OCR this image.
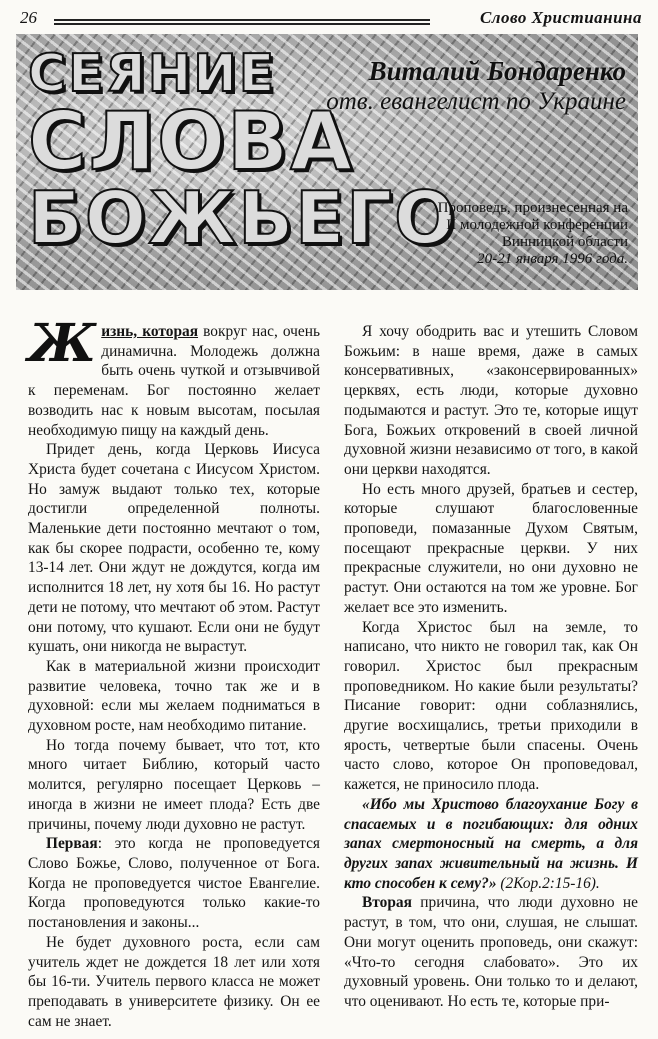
26	Слово Христианина
СЕЯНИЕ
СЛОВА
БОЖЬЕГО

Виталий Бондаренко

отв. евангелист по Украине

Проповедь, произнесенная на
II молодежной конференции
Винницкой области
20-21 января 1996 года.

Жизнь, которая вокруг нас, очень динамична. Молодежь должна быть очень чуткой и отзывчивой к переменам. Бог постоянно желает возводить нас к новым высотам, посылая необходимую пищу на каждый день.

Придет день, когда Церковь Иисуса Христа будет сочетана с Иисусом Христом. Но замуж выдают только тех, которые достигли определенной полноты. Маленькие дети постоянно мечтают о том, как бы скорее подрасти, особенно те, кому 13-14 лет. Они ждут не дождутся, когда им исполнится 18 лет, ну хотя бы 16. Но растут дети не потому, что мечтают об этом. Растут они потому, что кушают. Если они не будут кушать, они никогда не вырастут.

Как в материальной жизни происходит развитие человека, точно так же и в духовной: если мы желаем подниматься в духовном росте, нам необходимо питание.

Но тогда почему бывает, что тот, кто много читает Библию, который часто молится, регулярно посещает Церковь – иногда в жизни не имеет плода? Есть две причины, почему люди духовно не растут.

Первая: это когда не проповедуется Слово Божье, Слово, полученное от Бога. Когда не проповедуется чистое Евангелие. Когда проповедуются только какие-то постановления и законы...

Не будет духовного роста, если сам учитель ждет не дождется 18 лет или хотя бы 16-ти. Учитель первого класса не может преподавать в университете физику. Он ее сам не знает.

Я хочу ободрить вас и утешить Словом Божьим: в наше время, даже в самых консервативных, «законсервированных» церквях, есть люди, которые духовно подымаются и растут. Это те, которые ищут Бога, Божьих откровений в своей личной духовной жизни независимо от того, в какой они церкви находятся.

Но есть много друзей, братьев и сестер, которые слушают благословенные проповеди, помазанные Духом Святым, посещают прекрасные церкви. У них прекрасные служители, но они духовно не растут. Они остаются на том же уровне. Бог желает все это изменить.

Когда Христос был на земле, то написано, что никто не говорил так, как Он говорил. Христос был прекрасным проповедником. Но какие были результаты? Писание говорит: одни соблазнялись, другие восхищались, третьи приходили в ярость, четвертые были спасены. Очень часто слово, которое Он проповедовал, кажется, не приносило плода.

«Ибо мы Христово благоухание Богу в спасаемых и в погибающих: для одних запах смертоносный на смерть, а для других запах живительный на жизнь. И кто способен к сему?» (2Кор.2:15-16).

Вторая причина, что люди духовно не растут, в том, что они, слушая, не слышат. Они могут оценить проповедь, они скажут: «Что-то сегодня слабовато». Это их духовный уровень. Они только то и делают, что оценивают. Но есть те, которые при-
